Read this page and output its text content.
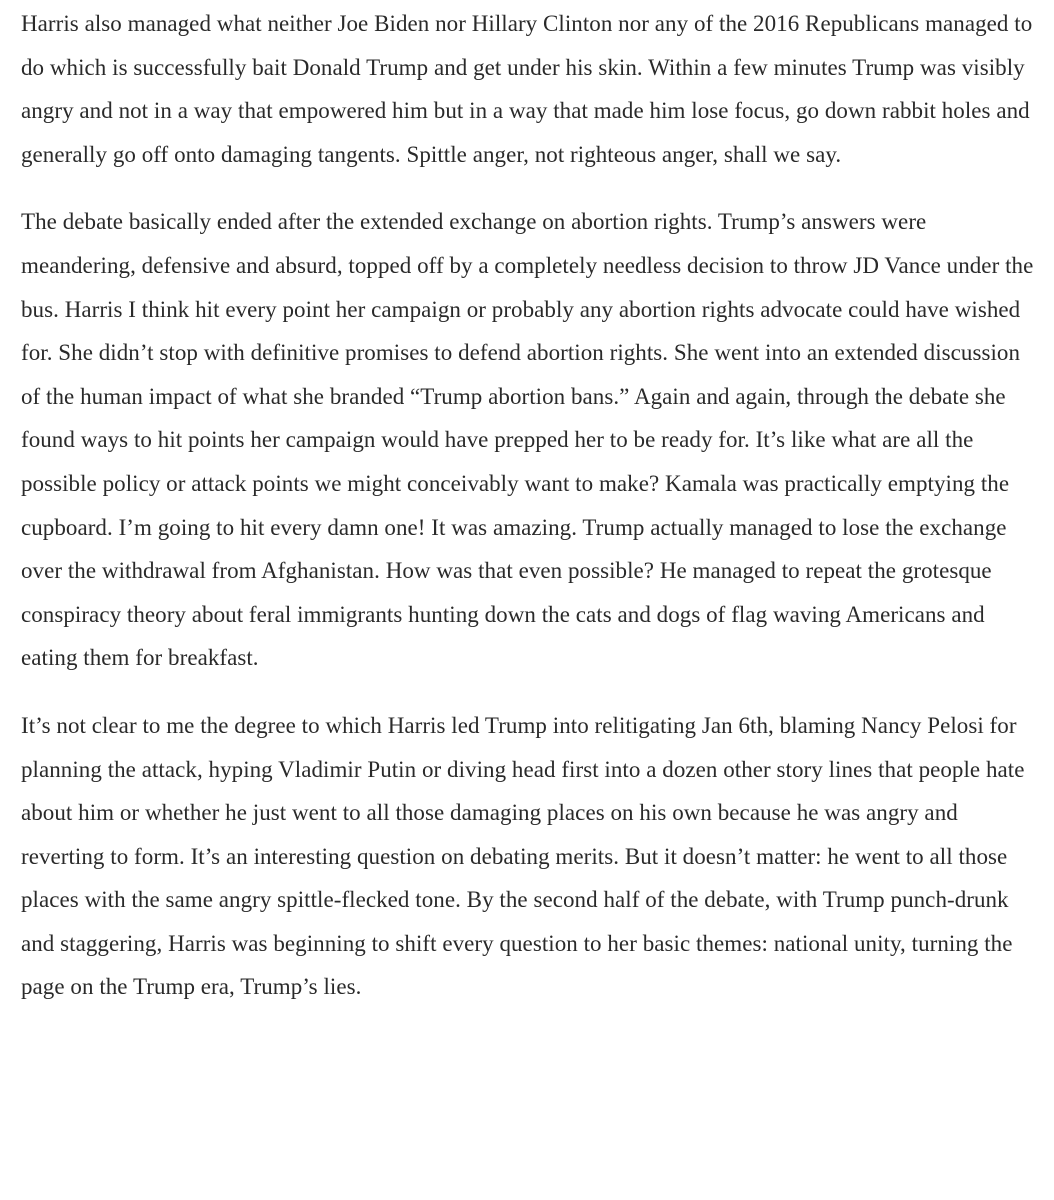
Harris also managed what neither Joe Biden nor Hillary Clinton nor any of the 2016 Republicans managed to do which is successfully bait Donald Trump and get under his skin. Within a few minutes Trump was visibly angry and not in a way that empowered him but in a way that made him lose focus, go down rabbit holes and generally go off onto damaging tangents. Spittle anger, not righteous anger, shall we say.

The debate basically ended after the extended exchange on abortion rights. Trump’s answers were meandering, defensive and absurd, topped off by a completely needless decision to throw JD Vance under the bus. Harris I think hit every point her campaign or probably any abortion rights advocate could have wished for. She didn’t stop with definitive promises to defend abortion rights. She went into an extended discussion of the human impact of what she branded “Trump abortion bans.” Again and again, through the debate she found ways to hit points her campaign would have prepped her to be ready for. It’s like what are all the possible policy or attack points we might conceivably want to make? Kamala was practically emptying the cupboard. I’m going to hit every damn one! It was amazing. Trump actually managed to lose the exchange over the withdrawal from Afghanistan. How was that even possible? He managed to repeat the grotesque conspiracy theory about feral immigrants hunting down the cats and dogs of flag waving Americans and eating them for breakfast.

It’s not clear to me the degree to which Harris led Trump into relitigating Jan 6th, blaming Nancy Pelosi for planning the attack, hyping Vladimir Putin or diving head first into a dozen other story lines that people hate about him or whether he just went to all those damaging places on his own because he was angry and reverting to form. It’s an interesting question on debating merits. But it doesn’t matter: he went to all those places with the same angry spittle-flecked tone. By the second half of the debate, with Trump punch-drunk and staggering, Harris was beginning to shift every question to her basic themes: national unity, turning the page on the Trump era, Trump’s lies.
